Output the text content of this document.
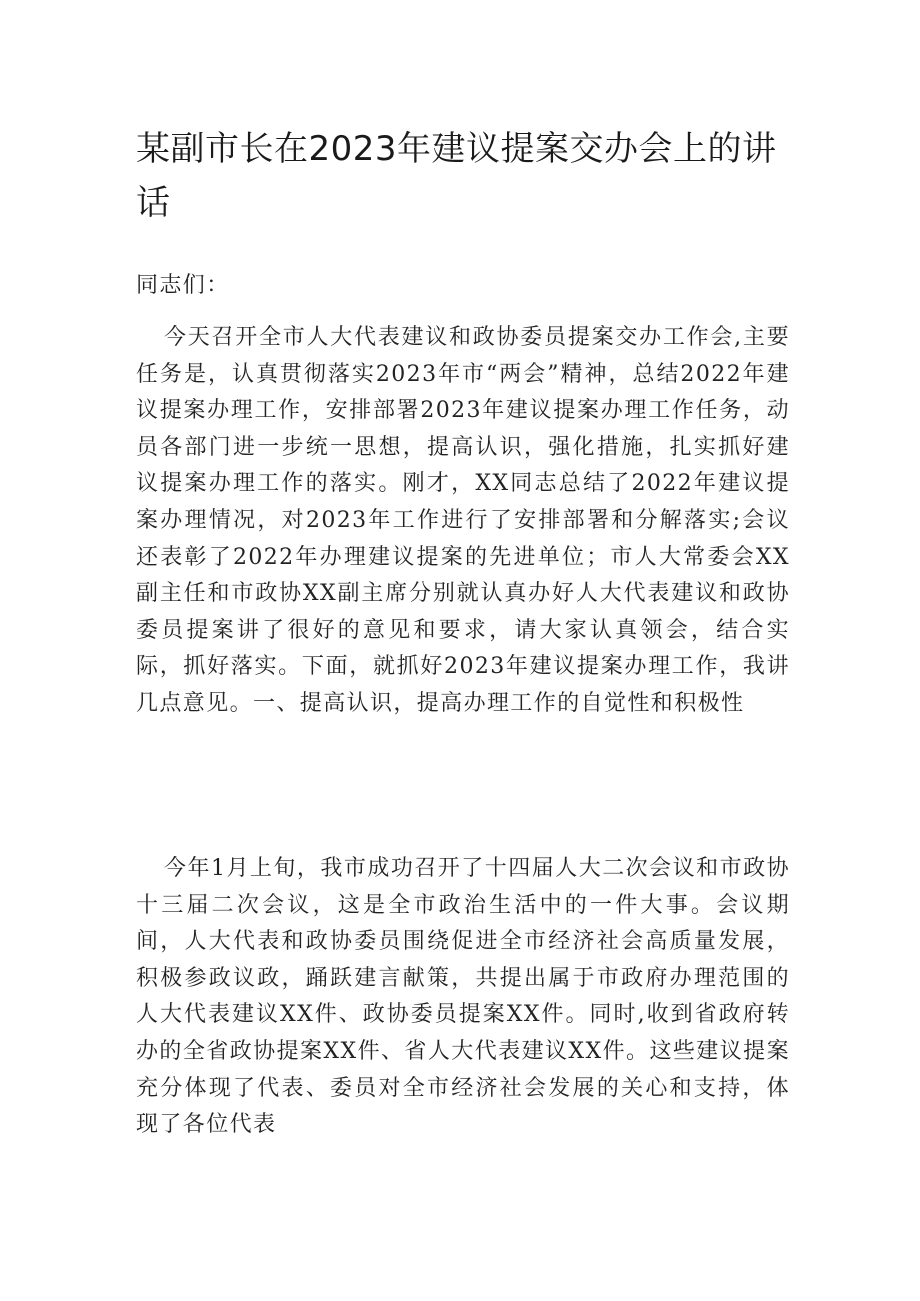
某副市长在2023年建议提案交办会上的讲话

同志们：

今天召开全市人大代表建议和政协委员提案交办工作会,主要任务是，认真贯彻落实2023年市“两会”精神，总结2022年建议提案办理工作，安排部署2023年建议提案办理工作任务，动员各部门进一步统一思想，提高认识，强化措施，扎实抓好建议提案办理工作的落实。刚才，XX同志总结了2022年建议提案办理情况，对2023年工作进行了安排部署和分解落实;会议还表彰了2022年办理建议提案的先进单位；市人大常委会XX副主任和市政协XX副主席分别就认真办好人大代表建议和政协委员提案讲了很好的意见和要求，请大家认真领会，结合实际，抓好落实。下面，就抓好2023年建议提案办理工作，我讲几点意见。一、提高认识，提高办理工作的自觉性和积极性

今年1月上旬，我市成功召开了十四届人大二次会议和市政协十三届二次会议，这是全市政治生活中的一件大事。会议期间，人大代表和政协委员围绕促进全市经济社会高质量发展，积极参政议政，踊跃建言献策，共提出属于市政府办理范围的人大代表建议XX件、政协委员提案XX件。同时,收到省政府转办的全省政协提案XX件、省人大代表建议XX件。这些建议提案充分体现了代表、委员对全市经济社会发展的关心和支持，体现了各位代表
